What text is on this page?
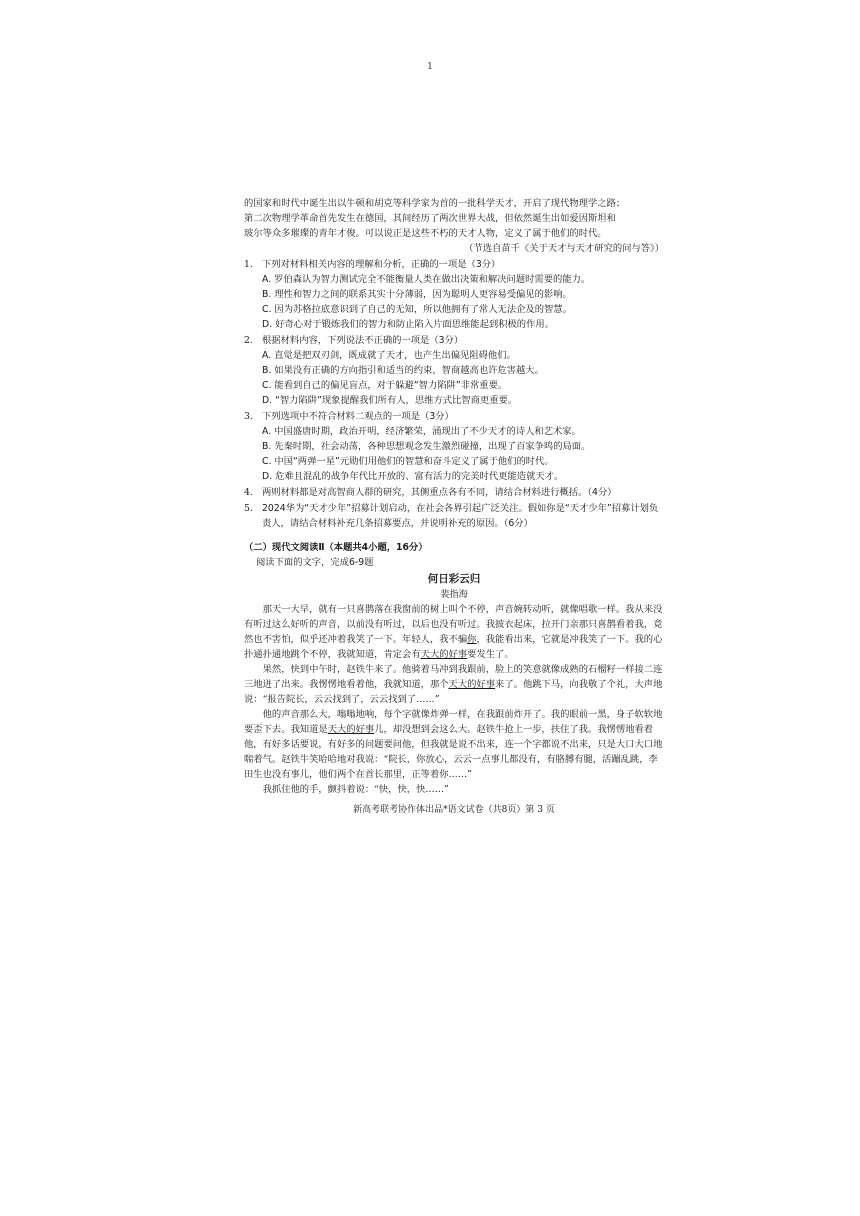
1

的国家和时代中诞生出以牛顿和胡克等科学家为首的一批科学天才，开启了现代物理学之路；

第二次物理学革命首先发生在德国，其间经历了两次世界大战，但依然诞生出如爱因斯坦和

玻尔等众多璀璨的青年才俊。可以说正是这些不朽的天才人物，定义了属于他们的时代。

（节选自苗千《关于天才与天才研究的问与答》）

1. 下列对材料相关内容的理解和分析，正确的一项是（3分）

A. 罗伯森认为智力测试完全不能衡量人类在做出决策和解决问题时需要的能力。

B. 理性和智力之间的联系其实十分薄弱，因为聪明人更容易受偏见的影响。

C. 因为苏格拉底意识到了自己的无知，所以他拥有了常人无法企及的智慧。

D. 好奇心对于锻炼我们的智力和防止陷入片面思维能起到积极的作用。

2. 根据材料内容，下列说法不正确的一项是（3分）

A. 直觉是把双刃剑，既成就了天才，也产生出偏见阻碍他们。

B. 如果没有正确的方向指引和适当的约束，智商越高也许危害越大。

C. 能看到自己的偏见盲点，对于躲避“智力陷阱”非常重要。

D. “智力陷阱”现象提醒我们所有人，思维方式比智商更重要。

3. 下列选项中不符合材料二观点的一项是（3分）

A. 中国盛唐时期，政治开明，经济繁荣，涌现出了不少天才的诗人和艺术家。

B. 先秦时期，社会动荡，各种思想观念发生激烈碰撞，出现了百家争鸣的局面。

C. 中国“两弹一星”元勋们用他们的智慧和奋斗定义了属于他们的时代。

D. 危难且混乱的战争年代比开放的、富有活力的完美时代更能造就天才。

4. 两则材料都是对高智商人群的研究，其侧重点各有不同，请结合材料进行概括。（4分）
5. 2024华为“天才少年”招募计划启动，在社会各界引起广泛关注。假如你是“天才少年”招募计划负责人，请结合材料补充几条招募要点，并说明补充的原因。（6分）

（二）现代文阅读Ⅱ（本题共4小题，16分）

阅读下面的文字，完成6-9题

何日彩云归

裴指海

那天一大早，就有一只喜鹊落在我窗前的树上叫个不停，声音婉转动听，就像唱歌一样。我从来没有听过这么好听的声音，以前没有听过，以后也没有听过。我披衣起床，拉开门亲那只喜鹊看着我，竟然也不害怕，似乎还冲着我笑了一下。年轻人，我不骗你，我能看出来，它就是冲我笑了一下。我的心扑通扑通地跳个不停，我就知道，肯定会有天大的好事要发生了。

果然，快到中午时，赵铁牛来了。他骑着马冲到我跟前，脸上的笑意就像成熟的石榴籽一样接二连三地迸了出来。我愣愣地看着他，我就知道，那个天大的好事来了。他跳下马，向我敬了个礼，大声地说：“报告院长，云云找到了，云云找到了……”

他的声音那么大，嗡嗡地响，每个字就像炸弹一样，在我跟前炸开了。我的眼前一黑，身子软软地要歪下去。我知道是天大的好事儿，却没想到会这么大。赵铁牛抢上一步，扶住了我。我愣愣地看着他，有好多话要说，有好多的问题要问他，但我就是说不出来，连一个字都说不出来，只是大口大口地喘着气。赵铁牛笑哈哈地对我说：“院长，你放心，云云一点事儿都没有，有胳膊有腿，活蹦乱跳，李田生也没有事儿，他们两个在首长那里，正等着你……”

我抓住他的手，颤抖着说：“快，快，快……”

新高考联考协作体出品*语文试卷（共8页）第 3 页
